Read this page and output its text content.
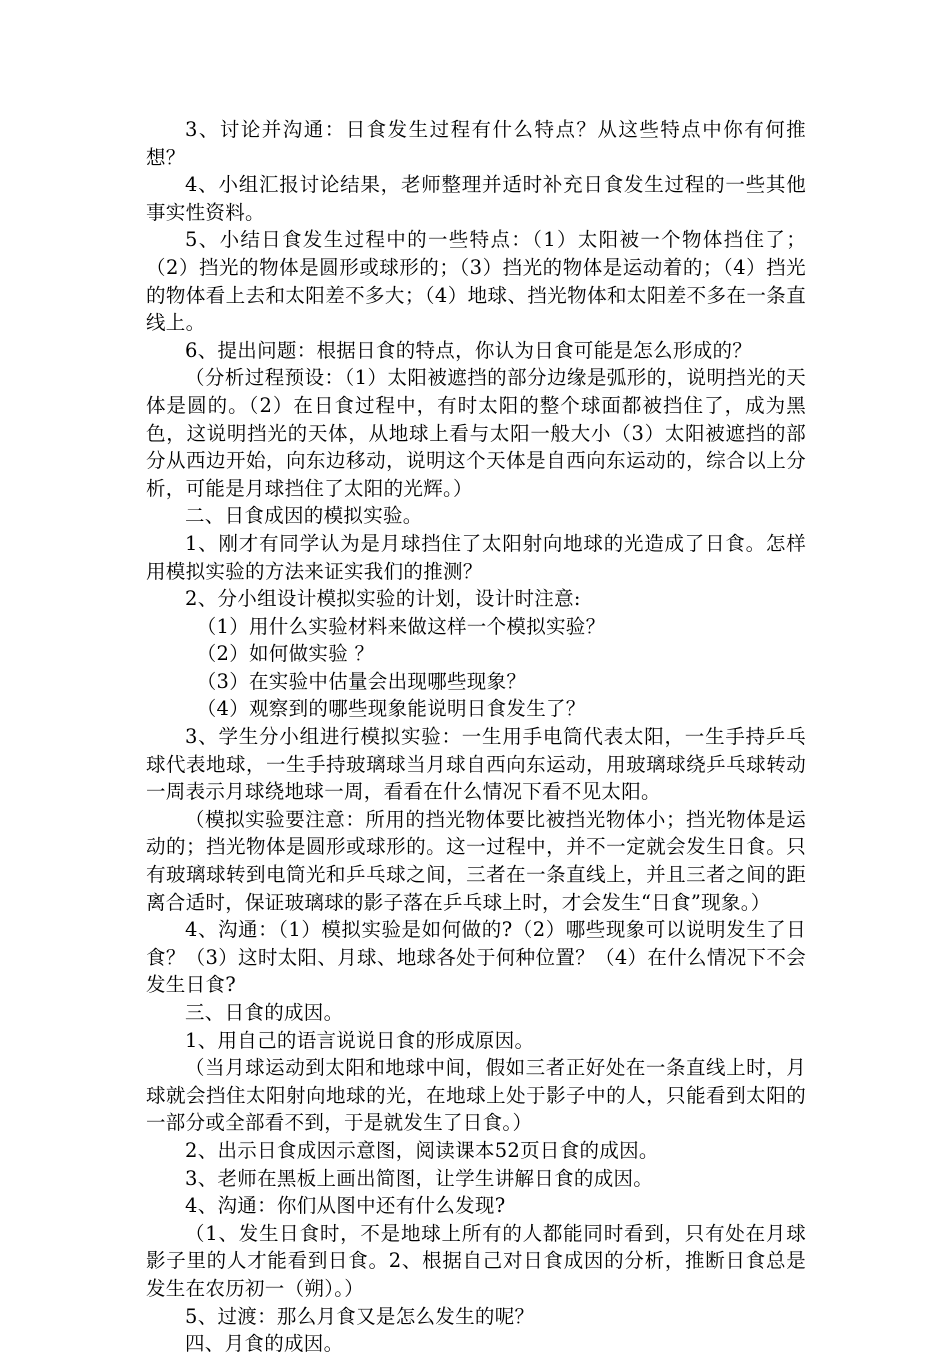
3、讨论并沟通：日食发生过程有什么特点？从这些特点中你有何推想？

4、小组汇报讨论结果，老师整理并适时补充日食发生过程的一些其他事实性资料。

5、小结日食发生过程中的一些特点：（1）太阳被一个物体挡住了；（2）挡光的物体是圆形或球形的；（3）挡光的物体是运动着的；（4）挡光的物体看上去和太阳差不多大；（4）地球、挡光物体和太阳差不多在一条直线上。

6、提出问题：根据日食的特点，你认为日食可能是怎么形成的？

（分析过程预设：（1）太阳被遮挡的部分边缘是弧形的，说明挡光的天体是圆的。（2）在日食过程中，有时太阳的整个球面都被挡住了，成为黑色，这说明挡光的天体，从地球上看与太阳一般大小（3）太阳被遮挡的部分从西边开始，向东边移动，说明这个天体是自西向东运动的，综合以上分析，可能是月球挡住了太阳的光辉。）

二、日食成因的模拟实验。

1、刚才有同学认为是月球挡住了太阳射向地球的光造成了日食。怎样用模拟实验的方法来证实我们的推测？

2、分小组设计模拟实验的计划，设计时注意:

（1）用什么实验材料来做这样一个模拟实验？

（2）如何做实验 ？

（3）在实验中估量会出现哪些现象？

（4）观察到的哪些现象能说明日食发生了？

3、学生分小组进行模拟实验：一生用手电筒代表太阳，一生手持乒乓球代表地球，一生手持玻璃球当月球自西向东运动，用玻璃球绕乒乓球转动一周表示月球绕地球一周，看看在什么情况下看不见太阳。

（模拟实验要注意：所用的挡光物体要比被挡光物体小；挡光物体是运动的；挡光物体是圆形或球形的。这一过程中，并不一定就会发生日食。只有玻璃球转到电筒光和乒乓球之间，三者在一条直线上，并且三者之间的距离合适时，保证玻璃球的影子落在乒乓球上时，才会发生“日食”现象。）

4、沟通：（1）模拟实验是如何做的?（2）哪些现象可以说明发生了日食？（3）这时太阳、月球、地球各处于何种位置？（4）在什么情况下不会发生日食?

三、日食的成因。

1、用自己的语言说说日食的形成原因。

（当月球运动到太阳和地球中间，假如三者正好处在一条直线上时，月球就会挡住太阳射向地球的光，在地球上处于影子中的人，只能看到太阳的一部分或全部看不到，于是就发生了日食。）

2、出示日食成因示意图，阅读课本52页日食的成因。

3、老师在黑板上画出简图，让学生讲解日食的成因。

4、沟通：你们从图中还有什么发现?

（1、发生日食时，不是地球上所有的人都能同时看到，只有处在月球影子里的人才能看到日食。2、根据自己对日食成因的分析，推断日食总是发生在农历初一（朔）。）

5、过渡：那么月食又是怎么发生的呢？

四、月食的成因。
